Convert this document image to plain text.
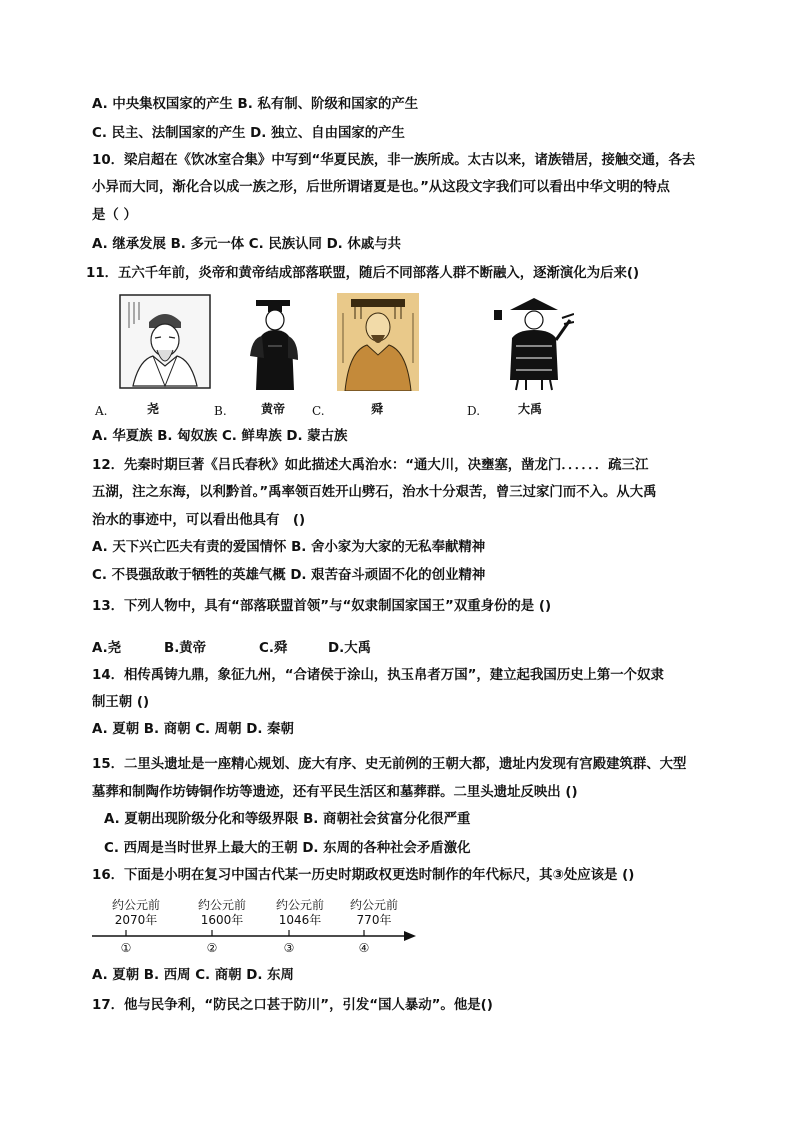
A. 中央集权国家的产生 B. 私有制、阶级和国家的产生
C. 民主、法制国家的产生 D. 独立、自由国家的产生
10．梁启超在《饮冰室合集》中写到“华夏民族，非一族所成。太古以来，诸族错居，接触交通，各去
小异而大同，渐化合以成一族之形，后世所谓诸夏是也。”从这段文字我们可以看出中华文明的特点
是（ ）
A. 继承发展 B. 多元一体 C. 民族认同 D. 休戚与共
11．五六千年前，炎帝和黄帝结成部落联盟，随后不同部落人群不断融入，逐渐演化为后来()
A.	尧	B.	黄帝 C.	舜	D.	大禹
A. 华夏族 B. 匈奴族 C. 鲜卑族 D. 蒙古族
12．先秦时期巨著《吕氏春秋》如此描述大禹治水：“通大川，决壅塞，凿龙门．．．．．．疏三江
五湖，注之东海，以利黔首。”禹率领百姓开山劈石，治水十分艰苦，曾三过家门而不入。从大禹
治水的事迹中，可以看出他具有　()
A. 天下兴亡匹夫有责的爱国情怀 B. 舍小家为大家的无私奉献精神
C. 不畏强敌敢于牺牲的英雄气概 D. 艰苦奋斗顽固不化的创业精神
13．下列人物中，具有“部落联盟首领”与“奴隶制国家国王”双重身份的是 ()
A.尧	B.黄帝	C.舜	D.大禹
14．相传禹铸九鼎，象征九州，“合诸侯于涂山，执玉帛者万国”，建立起我国历史上第一个奴隶
制王朝 ()
A. 夏朝 B. 商朝 C. 周朝 D. 秦朝
15．二里头遗址是一座精心规划、庞大有序、史无前例的王朝大都，遗址内发现有宫殿建筑群、大型
墓葬和制陶作坊铸铜作坊等遗迹，还有平民生活区和墓葬群。二里头遗址反映出 ()
A. 夏朝出现阶级分化和等级界限 B. 商朝社会贫富分化很严重
C. 西周是当时世界上最大的王朝 D. 东周的各种社会矛盾激化
16．下面是小明在复习中国古代某一历史时期政权更迭时制作的年代标尺，其③处应该是 ()
约公元前
2070年
①
约公元前
1600年
②
约公元前
1046年
③
约公元前
770年
④
A. 夏朝 B. 西周 C. 商朝 D. 东周
17．他与民争利，“防民之口甚于防川”，引发“国人暴动”。他是()
